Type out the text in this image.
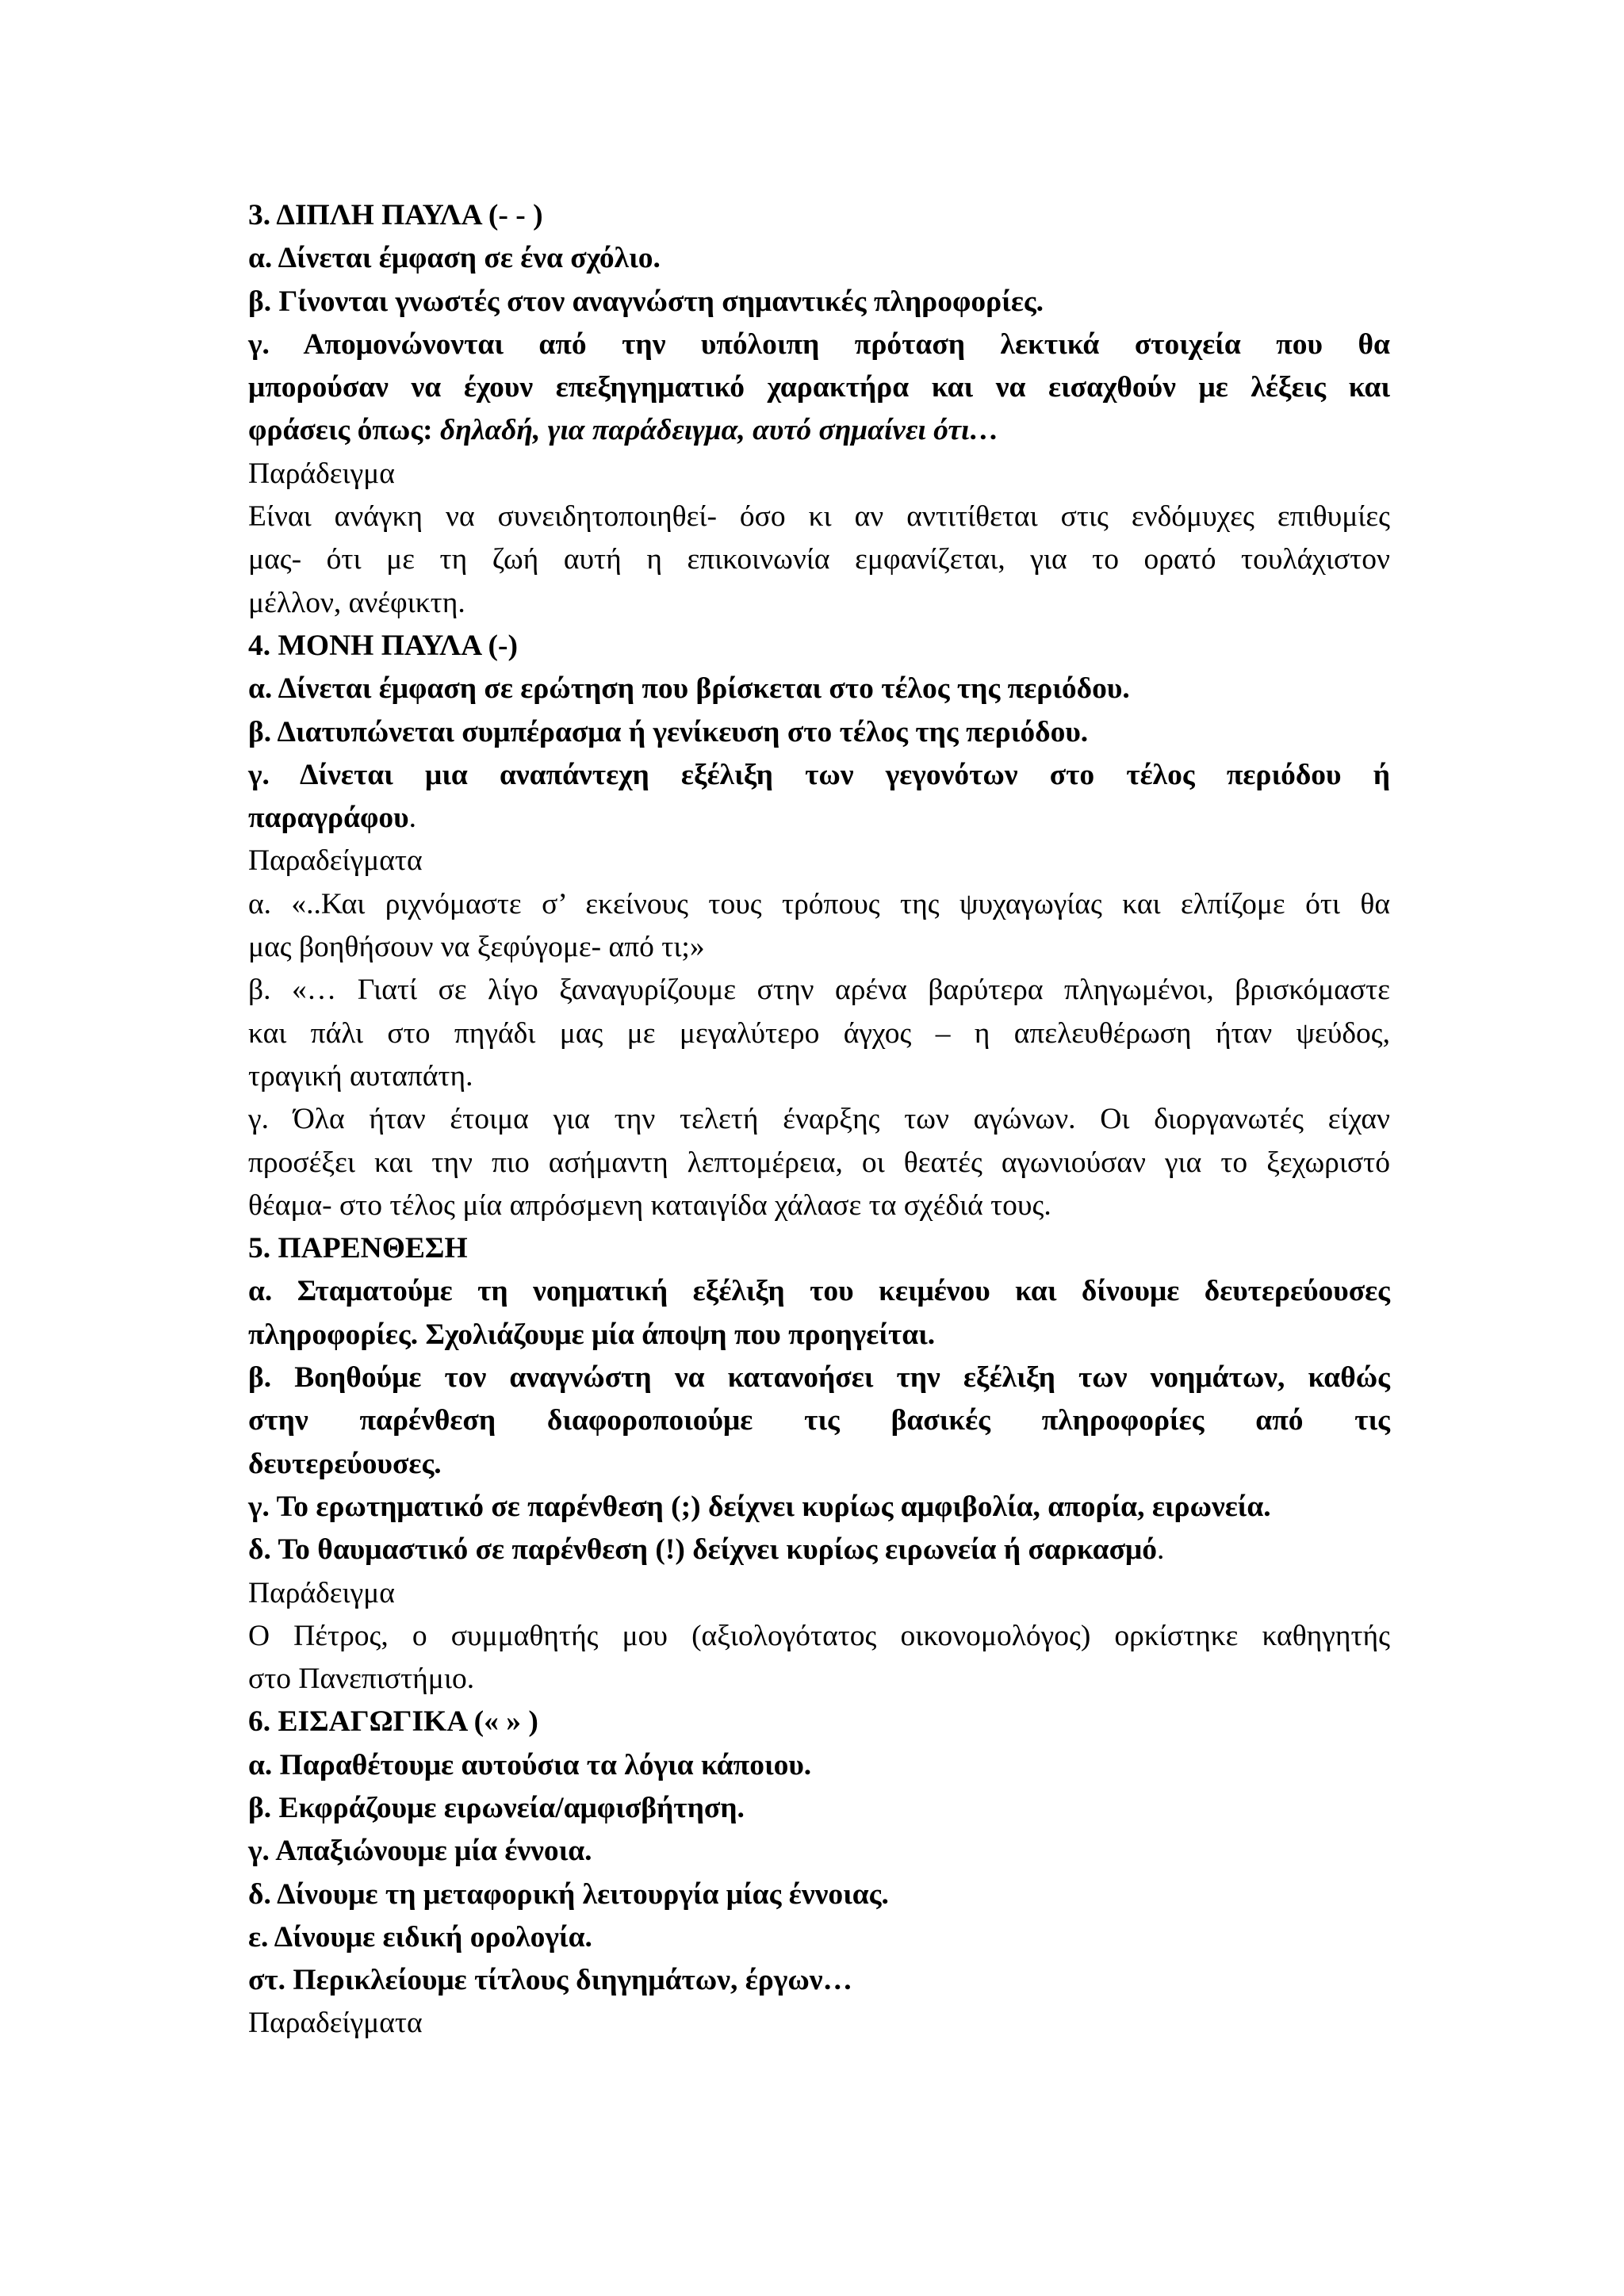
3. ΔΙΠΛΗ ΠΑΥΛΑ (- - )
α. Δίνεται έμφαση σε ένα σχόλιο.
β. Γίνονται γνωστές στον αναγνώστη σημαντικές πληροφορίες.
γ. Απομονώνονται από την υπόλοιπη πρόταση λεκτικά στοιχεία που θα
μπορούσαν να έχουν επεξηγηματικό χαρακτήρα και να εισαχθούν με λέξεις και
φράσεις όπως: δηλαδή, για παράδειγμα, αυτό σημαίνει ότι…
Παράδειγμα
Είναι ανάγκη να συνειδητοποιηθεί- όσο κι αν αντιτίθεται στις ενδόμυχες επιθυμίες
μας- ότι με τη ζωή αυτή η επικοινωνία εμφανίζεται, για το ορατό τουλάχιστον
μέλλον, ανέφικτη.
4. ΜΟΝΗ ΠΑΥΛΑ (-)
α. Δίνεται έμφαση σε ερώτηση που βρίσκεται στο τέλος της περιόδου.
β. Διατυπώνεται συμπέρασμα ή γενίκευση στο τέλος της περιόδου.
γ. Δίνεται μια αναπάντεχη εξέλιξη των γεγονότων στο τέλος περιόδου ή
παραγράφου.
Παραδείγματα
α. «..Και ριχνόμαστε σ’ εκείνους τους τρόπους της ψυχαγωγίας και ελπίζομε ότι θα
μας βοηθήσουν να ξεφύγομε- από τι;»
β. «… Γιατί σε λίγο ξαναγυρίζουμε στην αρένα βαρύτερα πληγωμένοι, βρισκόμαστε
και πάλι στο πηγάδι μας με μεγαλύτερο άγχος – η απελευθέρωση ήταν ψεύδος,
τραγική αυταπάτη.
γ. Όλα ήταν έτοιμα για την τελετή έναρξης των αγώνων. Οι διοργανωτές είχαν
προσέξει και την πιο ασήμαντη λεπτομέρεια, οι θεατές αγωνιούσαν για το ξεχωριστό
θέαμα- στο τέλος μία απρόσμενη καταιγίδα χάλασε τα σχέδιά τους.
5. ΠΑΡΕΝΘΕΣΗ
α. Σταματούμε τη νοηματική εξέλιξη του κειμένου και δίνουμε δευτερεύουσες
πληροφορίες. Σχολιάζουμε μία άποψη που προηγείται.
β. Βοηθούμε τον αναγνώστη να κατανοήσει την εξέλιξη των νοημάτων, καθώς
στην παρένθεση διαφοροποιούμε τις βασικές πληροφορίες από τις
δευτερεύουσες.
γ. Το ερωτηματικό σε παρένθεση (;) δείχνει κυρίως αμφιβολία, απορία, ειρωνεία.
δ. Το θαυμαστικό σε παρένθεση (!) δείχνει κυρίως ειρωνεία ή σαρκασμό.
Παράδειγμα
Ο Πέτρος, ο συμμαθητής μου (αξιολογότατος οικονομολόγος) ορκίστηκε καθηγητής
στο Πανεπιστήμιο.
6. ΕΙΣΑΓΩΓΙΚΑ (« » )
α. Παραθέτουμε αυτούσια τα λόγια κάποιου.
β. Εκφράζουμε ειρωνεία/αμφισβήτηση.
γ. Απαξιώνουμε μία έννοια.
δ. Δίνουμε τη μεταφορική λειτουργία μίας έννοιας.
ε. Δίνουμε ειδική ορολογία.
στ. Περικλείουμε τίτλους διηγημάτων, έργων…
Παραδείγματα
